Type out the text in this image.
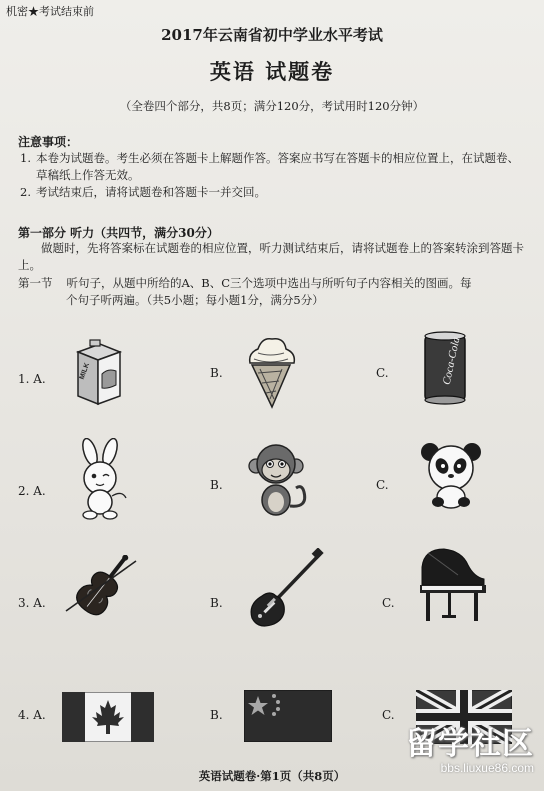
机密★考试结束前
2017年云南省初中学业水平考试
英语 试题卷
（全卷四个部分，共8页；满分120分，考试用时120分钟）
注意事项：
1. 本卷为试题卷。考生必须在答题卡上解题作答。答案应书写在答题卡的相应位置上，在试题卷、草稿纸上作答无效。
2. 考试结束后，请将试题卷和答题卡一并交回。
第一部分 听力（共四节，满分30分）
做题时，先将答案标在试题卷的相应位置，听力测试结束后，请将试题卷上的答案转涂到答题卡上。
第一节 听句子，从题中所给的A、B、C三个选项中选出与所听句子内容相关的图画。每
个句子听两遍。（共5小题；每小题1分，满分5分）
1. A.	B.	C.
MILK	Coca-Cola
2. A.	B.	C.
3. A.	B.	C.
4. A.	B.	C.
英语试题卷·第1页（共8页）
留学社区
bbs.liuxue86.com
